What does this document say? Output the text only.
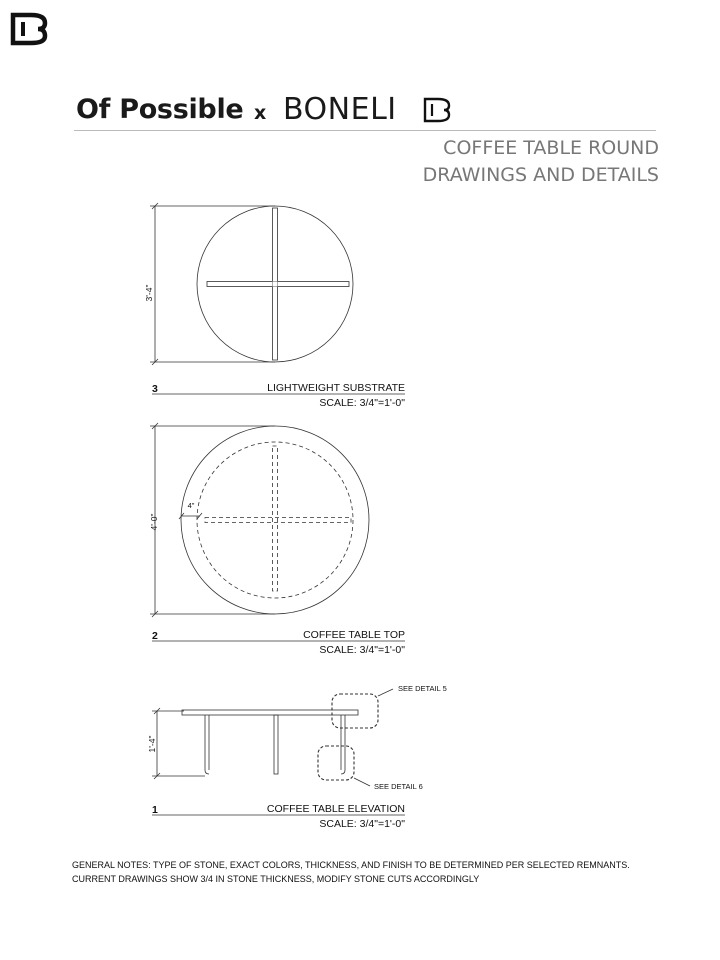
Of Possible x BONELI
COFFEE TABLE ROUND
DRAWINGS AND DETAILS
3'-4"
3	LIGHTWEIGHT SUBSTRATE
SCALE: 3/4"=1'-0"
4'-0"
4"
2	COFFEE TABLE TOP
SCALE: 3/4"=1'-0"
1'-4"
SEE DETAIL 5
SEE DETAIL 6
1	COFFEE TABLE ELEVATION
SCALE: 3/4"=1'-0"
GENERAL NOTES: TYPE OF STONE, EXACT COLORS, THICKNESS, AND FINISH TO BE DETERMINED PER SELECTED REMNANTS.
CURRENT DRAWINGS SHOW 3/4 IN STONE THICKNESS, MODIFY STONE CUTS ACCORDINGLY
